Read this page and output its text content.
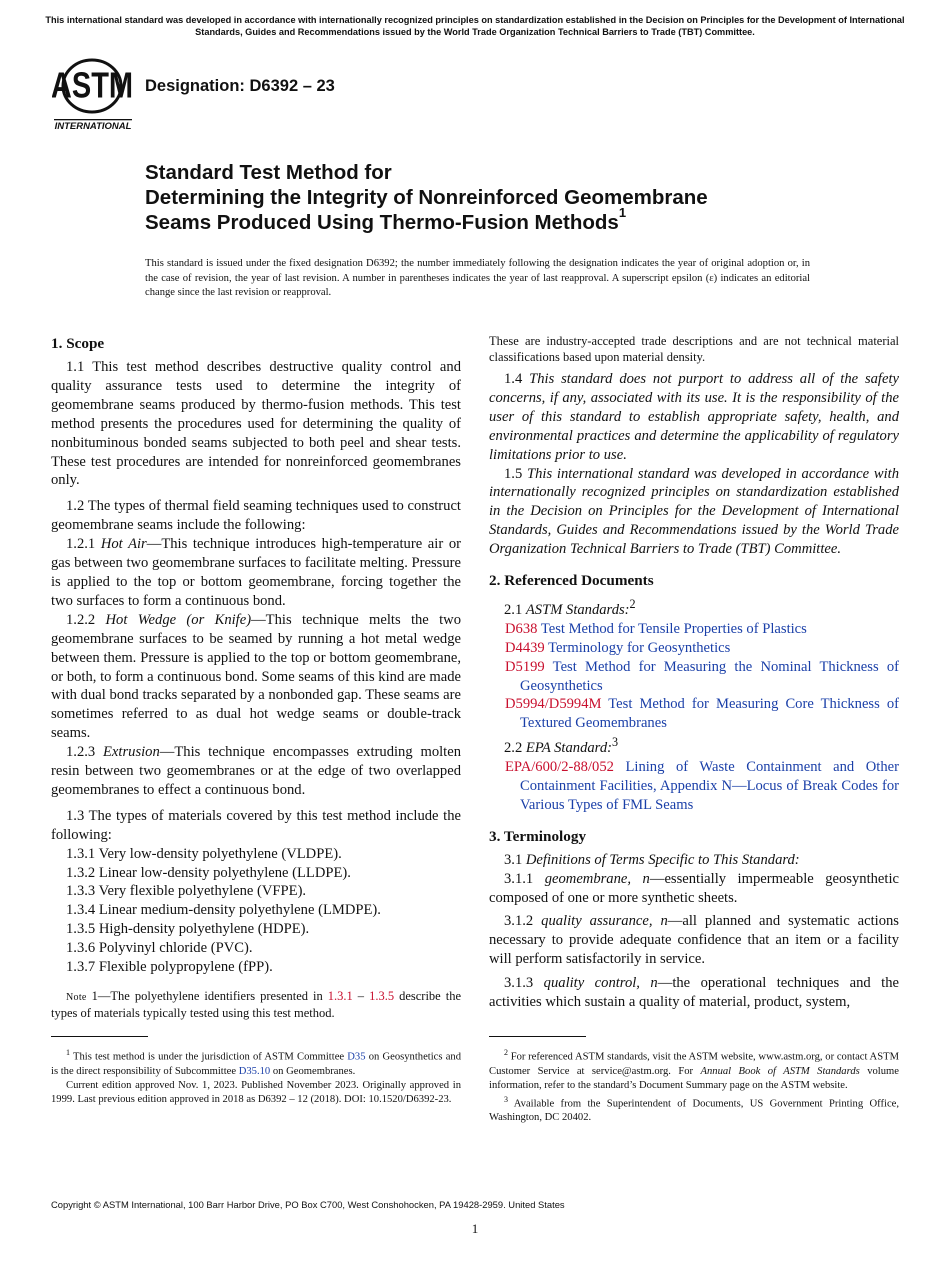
This international standard was developed in accordance with internationally recognized principles on standardization established in the Decision on Principles for the Development of International Standards, Guides and Recommendations issued by the World Trade Organization Technical Barriers to Trade (TBT) Committee.
ASTM
INTERNATIONAL
Designation: D6392 – 23
Standard Test Method for
Determining the Integrity of Nonreinforced Geomembrane
Seams Produced Using Thermo-Fusion Methods$^1$
This standard is issued under the fixed designation D6392; the number immediately following the designation indicates the year of original adoption or, in the case of revision, the year of last revision. A number in parentheses indicates the year of last reapproval. A superscript epsilon (ε) indicates an editorial change since the last revision or reapproval.
1. Scope

1.1 This test method describes destructive quality control and quality assurance tests used to determine the integrity of geomembrane seams produced by thermo-fusion methods. This test method presents the procedures used for determining the quality of nonbituminous bonded seams subjected to both peel and shear tests. These test procedures are intended for nonreinforced geomembranes only.

1.2 The types of thermal field seaming techniques used to construct geomembrane seams include the following:

1.2.1 Hot Air—This technique introduces high-temperature air or gas between two geomembrane surfaces to facilitate melting. Pressure is applied to the top or bottom geomembrane, forcing together the two surfaces to form a continuous bond.

1.2.2 Hot Wedge (or Knife)—This technique melts the two geomembrane surfaces to be seamed by running a hot metal wedge between them. Pressure is applied to the top or bottom geomembrane, or both, to form a continuous bond. Some seams of this kind are made with dual bond tracks separated by a nonbonded gap. These seams are sometimes referred to as dual hot wedge seams or double-track seams.

1.2.3 Extrusion—This technique encompasses extruding molten resin between two geomembranes or at the edge of two overlapped geomembranes to effect a continuous bond.

1.3 The types of materials covered by this test method include the following:

1.3.1 Very low-density polyethylene (VLDPE).

1.3.2 Linear low-density polyethylene (LLDPE).

1.3.3 Very flexible polyethylene (VFPE).

1.3.4 Linear medium-density polyethylene (LMDPE).

1.3.5 High-density polyethylene (HDPE).

1.3.6 Polyvinyl chloride (PVC).

1.3.7 Flexible polypropylene (fPP).

Note 1—The polyethylene identifiers presented in 1.3.1 – 1.3.5 describe the types of materials typically tested using this test method.

These are industry-accepted trade descriptions and are not technical material classifications based upon material density.

1.4 This standard does not purport to address all of the safety concerns, if any, associated with its use. It is the responsibility of the user of this standard to establish appropriate safety, health, and environmental practices and determine the applicability of regulatory limitations prior to use.

1.5 This international standard was developed in accordance with internationally recognized principles on standardization established in the Decision on Principles for the Development of International Standards, Guides and Recommendations issued by the World Trade Organization Technical Barriers to Trade (TBT) Committee.

2. Referenced Documents

2.1 ASTM Standards:$^2$

D638 Test Method for Tensile Properties of Plastics

D4439 Terminology for Geosynthetics

D5199 Test Method for Measuring the Nominal Thickness of Geosynthetics

D5994/D5994M Test Method for Measuring Core Thickness of Textured Geomembranes

2.2 EPA Standard:$^3$

EPA/600/2-88/052 Lining of Waste Containment and Other Containment Facilities, Appendix N—Locus of Break Codes for Various Types of FML Seams

3. Terminology

3.1 Definitions of Terms Specific to This Standard:

3.1.1 geomembrane, n—essentially impermeable geosynthetic composed of one or more synthetic sheets.

3.1.2 quality assurance, n—all planned and systematic actions necessary to provide adequate confidence that an item or a facility will perform satisfactorily in service.

3.1.3 quality control, n—the operational techniques and the activities which sustain a quality of material, product, system,

$^1$ This test method is under the jurisdiction of ASTM Committee D35 on Geosynthetics and is the direct responsibility of Subcommittee D35.10 on Geomembranes.

Current edition approved Nov. 1, 2023. Published November 2023. Originally approved in 1999. Last previous edition approved in 2018 as D6392 – 12 (2018). DOI: 10.1520/D6392-23.

$^2$ For referenced ASTM standards, visit the ASTM website, www.astm.org, or contact ASTM Customer Service at service@astm.org. For Annual Book of ASTM Standards volume information, refer to the standard’s Document Summary page on the ASTM website.

$^3$ Available from the Superintendent of Documents, US Government Printing Office, Washington, DC 20402.

Copyright © ASTM International, 100 Barr Harbor Drive, PO Box C700, West Conshohocken, PA 19428-2959. United States
1
